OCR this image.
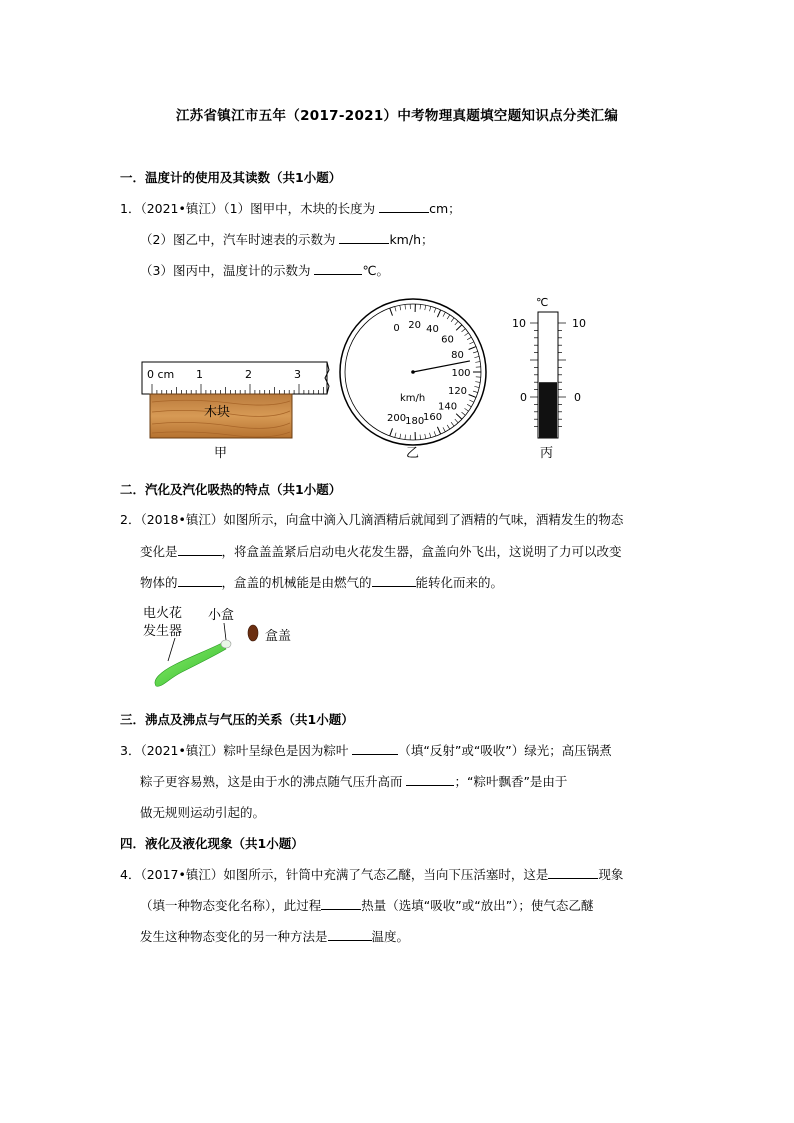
江苏省镇江市五年（2017-2021）中考物理真题填空题知识点分类汇编
一．温度计的使用及其读数（共1小题）
1．（2021•镇江）（1）图甲中，木块的长度为	cm；
（2）图乙中，汽车时速表的示数为	km/h；
（3）图丙中，温度计的示数为	℃。
0 cm 1	2	3
木块
甲
0 20 40
60
80
100
120
140
160
180
200
km/h
乙
℃
10	10
0	0
丙
二．汽化及汽化吸热的特点（共1小题）
2．（2018•镇江）如图所示，向盒中滴入几滴酒精后就闻到了酒精的气味，酒精发生的物态
变化是	，将盒盖盖紧后启动电火花发生器，盒盖向外飞出，这说明了力可以改变
物体的	，盒盖的机械能是由燃气的	能转化而来的。
电火花
发生器
小盒
盒盖
三．沸点及沸点与气压的关系（共1小题）
3．（2021•镇江）粽叶呈绿色是因为粽叶	（填“反射”或“吸收”）绿光；高压锅煮
粽子更容易熟，这是由于水的沸点随气压升高而	；“粽叶飘香”是由于
做无规则运动引起的。
四．液化及液化现象（共1小题）
4．（2017•镇江）如图所示，针筒中充满了气态乙醚，当向下压活塞时，这是	现象
（填一种物态变化名称），此过程	热量（选填“吸收”或“放出”）；使气态乙醚
发生这种物态变化的另一种方法是	温度。
